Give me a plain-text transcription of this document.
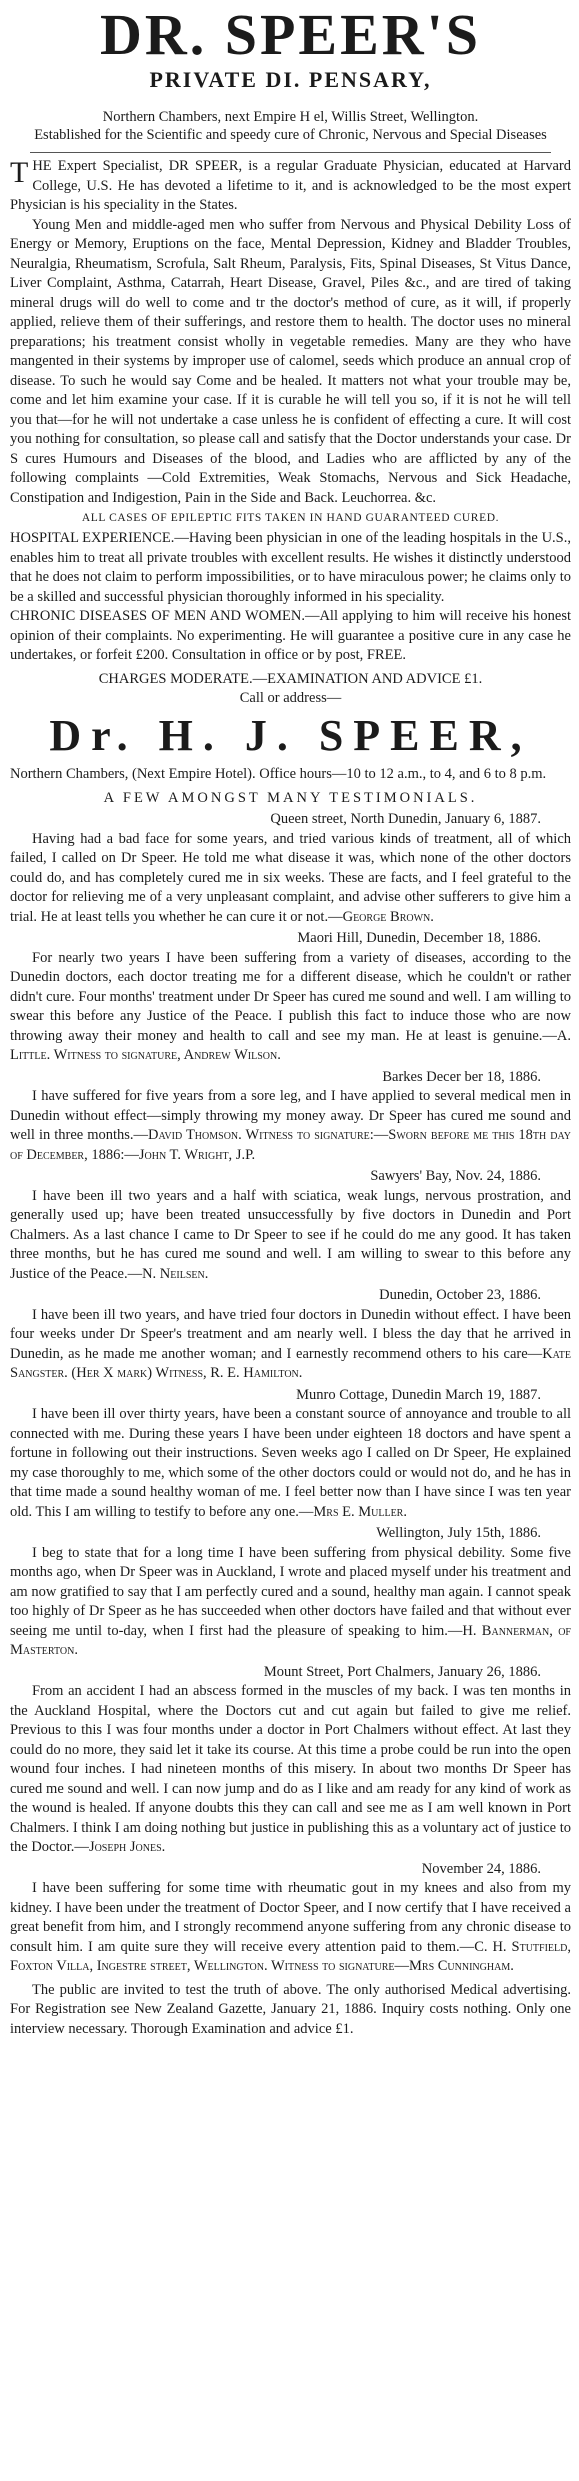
DR. SPEER'S
PRIVATE DI. PENSARY,
Northern Chambers, next Empire H el, Willis Street, Wellington.
Established for the Scientific and speedy cure of Chronic, Nervous and Special Diseases

THE Expert Specialist, DR SPEER, is a regular Graduate Physician, educated at Harvard College, U.S. He has devoted a lifetime to it, and is acknowledged to be the most expert Physician is his speciality in the States.

Young Men and middle-aged men who suffer from Nervous and Physical Debility Loss of Energy or Memory, Eruptions on the face, Mental Depression, Kidney and Bladder Troubles, Neuralgia, Rheumatism, Scrofula, Salt Rheum, Paralysis, Fits, Spinal Diseases, St Vitus Dance, Liver Complaint, Asthma, Catarrah, Heart Disease, Gravel, Piles &c., and are tired of taking mineral drugs will do well to come and tr the doctor's method of cure, as it will, if properly applied, relieve them of their sufferings, and restore them to health. The doctor uses no mineral preparations; his treatment consist wholly in vegetable remedies. Many are they who have mangented in their systems by improper use of calomel, seeds which produce an annual crop of disease. To such he would say Come and be healed. It matters not what your trouble may be, come and let him examine your case. If it is curable he will tell you so, if it is not he will tell you that—for he will not undertake a case unless he is confident of effecting a cure. It will cost you nothing for consultation, so please call and satisfy that the Doctor understands your case. Dr S cures Humours and Diseases of the blood, and Ladies who are afflicted by any of the following complaints —Cold Extremities, Weak Stomachs, Nervous and Sick Headache, Constipation and Indigestion, Pain in the Side and Back. Leuchorrea. &c.

ALL CASES OF EPILEPTIC FITS TAKEN IN HAND GUARANTEED CURED.

HOSPITAL EXPERIENCE.—Having been physician in one of the leading hospitals in the U.S., enables him to treat all private troubles with excellent results. He wishes it distinctly understood that he does not claim to perform impossibilities, or to have miraculous power; he claims only to be a skilled and successful physician thoroughly informed in his speciality.

CHRONIC DISEASES OF MEN AND WOMEN.—All applying to him will receive his honest opinion of their complaints. No experimenting. He will guarantee a positive cure in any case he undertakes, or forfeit £200. Consultation in office or by post, FREE.

CHARGES MODERATE.—EXAMINATION AND ADVICE £1.

Call or address—

Dr. H. J. SPEER,

Northern Chambers, (Next Empire Hotel). Office hours—10 to 12 a.m., to 4, and 6 to 8 p.m.

A FEW AMONGST MANY TESTIMONIALS.

Queen street, North Dunedin, January 6, 1887.

Having had a bad face for some years, and tried various kinds of treatment, all of which failed, I called on Dr Speer. He told me what disease it was, which none of the other doctors could do, and has completely cured me in six weeks. These are facts, and I feel grateful to the doctor for relieving me of a very unpleasant complaint, and advise other sufferers to give him a trial. He at least tells you whether he can cure it or not.—George Brown.

Maori Hill, Dunedin, December 18, 1886.

For nearly two years I have been suffering from a variety of diseases, according to the Dunedin doctors, each doctor treating me for a different disease, which he couldn't or rather didn't cure. Four months' treatment under Dr Speer has cured me sound and well. I am willing to swear this before any Justice of the Peace. I publish this fact to induce those who are now throwing away their money and health to call and see my man. He at least is genuine.—A. Little. Witness to signature, Andrew Wilson.

Barkes Decer ber 18, 1886.

I have suffered for five years from a sore leg, and I have applied to several medical men in Dunedin without effect—simply throwing my money away. Dr Speer has cured me sound and well in three months.—David Thomson. Witness to signature:—Sworn before me this 18th day of December, 1886:—John T. Wright, J.P.

Sawyers' Bay, Nov. 24, 1886.

I have been ill two years and a half with sciatica, weak lungs, nervous prostration, and generally used up; have been treated unsuccessfully by five doctors in Dunedin and Port Chalmers. As a last chance I came to Dr Speer to see if he could do me any good. It has taken three months, but he has cured me sound and well. I am willing to swear to this before any Justice of the Peace.—N. Neilsen.

Dunedin, October 23, 1886.

I have been ill two years, and have tried four doctors in Dunedin without effect. I have been four weeks under Dr Speer's treatment and am nearly well. I bless the day that he arrived in Dunedin, as he made me another woman; and I earnestly recommend others to his care—Kate Sangster. (Her X mark) Witness, R. E. Hamilton.

Munro Cottage, Dunedin March 19, 1887.

I have been ill over thirty years, have been a constant source of annoyance and trouble to all connected with me. During these years I have been under eighteen 18 doctors and have spent a fortune in following out their instructions. Seven weeks ago I called on Dr Speer, He explained my case thoroughly to me, which some of the other doctors could or would not do, and he has in that time made a sound healthy woman of me. I feel better now than I have since I was ten year old. This I am willing to testify to before any one.—Mrs E. Muller.

Wellington, July 15th, 1886.

I beg to state that for a long time I have been suffering from physical debility. Some five months ago, when Dr Speer was in Auckland, I wrote and placed myself under his treatment and am now gratified to say that I am perfectly cured and a sound, healthy man again. I cannot speak too highly of Dr Speer as he has succeeded when other doctors have failed and that without ever seeing me until to-day, when I first had the pleasure of speaking to him.—H. Bannerman, of Masterton.

Mount Street, Port Chalmers, January 26, 1886.

From an accident I had an abscess formed in the muscles of my back. I was ten months in the Auckland Hospital, where the Doctors cut and cut again but failed to give me relief. Previous to this I was four months under a doctor in Port Chalmers without effect. At last they could do no more, they said let it take its course. At this time a probe could be run into the open wound four inches. I had nineteen months of this misery. In about two months Dr Speer has cured me sound and well. I can now jump and do as I like and am ready for any kind of work as the wound is healed. If anyone doubts this they can call and see me as I am well known in Port Chalmers. I think I am doing nothing but justice in publishing this as a voluntary act of justice to the Doctor.—Joseph Jones.

November 24, 1886.

I have been suffering for some time with rheumatic gout in my knees and also from my kidney. I have been under the treatment of Doctor Speer, and I now certify that I have received a great benefit from him, and I strongly recommend anyone suffering from any chronic disease to consult him. I am quite sure they will receive every attention paid to them.—C. H. Stutfield, Foxton Villa, Ingestre street, Wellington. Witness to signature—Mrs Cunningham.

The public are invited to test the truth of above. The only authorised Medical advertising. For Registration see New Zealand Gazette, January 21, 1886. Inquiry costs nothing. Only one interview necessary. Thorough Examination and advice £1.
